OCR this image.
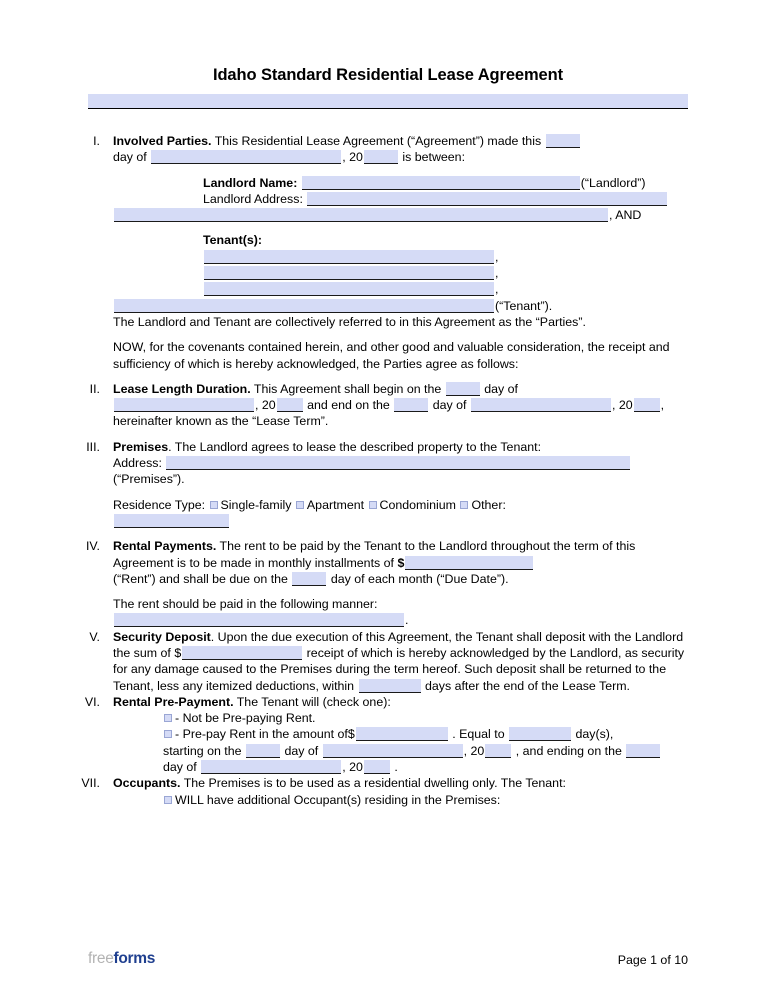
Idaho Standard Residential Lease Agreement
I. Involved Parties. This Residential Lease Agreement (“Agreement”) made this
day of	, 20	is between:
Landlord Name:	(“Landlord”)
Landlord Address:
, AND
Tenant(s):
,
,
,
(“Tenant”).
The Landlord and Tenant are collectively referred to in this Agreement as the “Parties”.
NOW, for the covenants contained herein, and other good and valuable consideration, the receipt and sufficiency of which is hereby acknowledged, the Parties agree as follows:
II. Lease Length Duration. This Agreement shall begin on the	day of
, 20	and end on the	day of	, 20 ,
hereinafter known as the “Lease Term”.
III. Premises. The Landlord agrees to lease the described property to the Tenant:
Address:
(“Premises”).
Residence Type: Single-family Apartment Condominium Other:
IV. Rental Payments. The rent to be paid by the Tenant to the Landlord throughout the term of this Agreement is to be made in monthly installments of $
(“Rent”) and shall be due on the	day of each month (“Due Date”).
The rent should be paid in the following manner:
.
V. Security Deposit. Upon the due execution of this Agreement, the Tenant shall deposit with the Landlord the sum of $	receipt of which is hereby acknowledged by the Landlord, as security for any damage caused to the Premises during the term hereof. Such deposit shall be returned to the Tenant, less any itemized deductions, within	days after the end of the Lease Term.
VI. Rental Pre-Payment. The Tenant will (check one):
- Not be Pre-paying Rent.
- Pre-pay Rent in the amount of$	. Equal to	day(s),
starting on the	day of	, 20	, and ending on the
day of	, 20	.
VII. Occupants. The Premises is to be used as a residential dwelling only. The Tenant:
WILL have additional Occupant(s) residing in the Premises:
freeforms	Page 1 of 10
